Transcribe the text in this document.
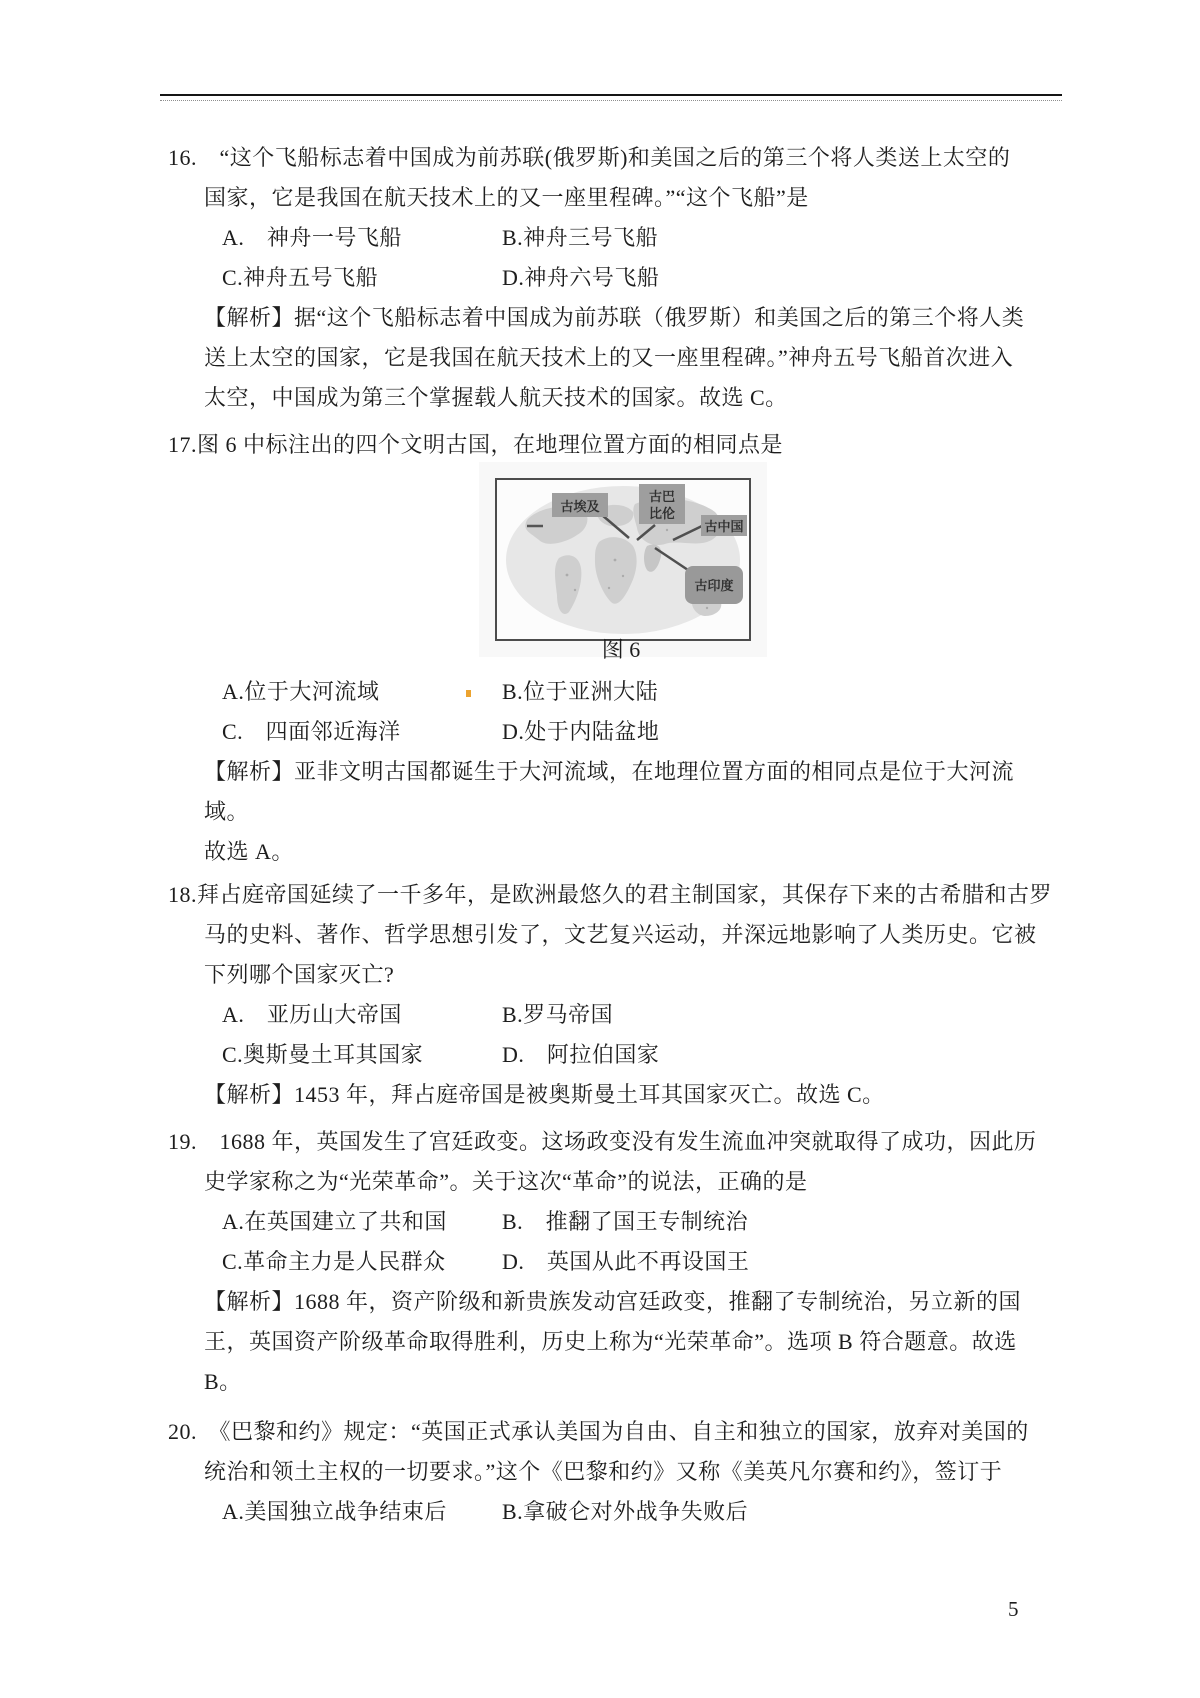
16.　“这个飞船标志着中国成为前苏联(俄罗斯)和美国之后的第三个将人类送上太空的
国家，它是我国在航天技术上的又一座里程碑。”“这个飞船”是
A.　神舟一号飞船	B.神舟三号飞船
C.神舟五号飞船	D.神舟六号飞船
【解析】据“这个飞船标志着中国成为前苏联（俄罗斯）和美国之后的第三个将人类
送上太空的国家，它是我国在航天技术上的又一座里程碑。”神舟五号飞船首次进入
太空，中国成为第三个掌握载人航天技术的国家。故选 C。
17.图 6 中标注出的四个文明古国，在地理位置方面的相同点是
古埃及
古巴
比伦
古中国
古印度
图 6
A.位于大河流域	B.位于亚洲大陆
C.　四面邻近海洋	D.处于内陆盆地
【解析】亚非文明古国都诞生于大河流域，在地理位置方面的相同点是位于大河流
域。
故选 A。
18.拜占庭帝国延续了一千多年，是欧洲最悠久的君主制国家，其保存下来的古希腊和古罗
马的史料、著作、哲学思想引发了，文艺复兴运动，并深远地影响了人类历史。它被
下列哪个国家灭亡?
A.　亚历山大帝国	B.罗马帝国
C.奥斯曼土耳其国家	D.　阿拉伯国家
【解析】1453 年，拜占庭帝国是被奥斯曼土耳其国家灭亡。故选 C。
19.　1688 年，英国发生了宫廷政变。这场政变没有发生流血冲突就取得了成功，因此历
史学家称之为“光荣革命”。关于这次“革命”的说法，正确的是
A.在英国建立了共和国	B.　推翻了国王专制统治
C.革命主力是人民群众	D.　英国从此不再设国王
【解析】1688 年，资产阶级和新贵族发动宫廷政变，推翻了专制统治，另立新的国
王，英国资产阶级革命取得胜利，历史上称为“光荣革命”。选项 B 符合题意。故选
B。
20.　《巴黎和约》规定：“英国正式承认美国为自由、自主和独立的国家，放弃对美国的
统治和领土主权的一切要求。”这个《巴黎和约》又称《美英凡尔赛和约》，签订于
A.美国独立战争结束后	B.拿破仑对外战争失败后
5
